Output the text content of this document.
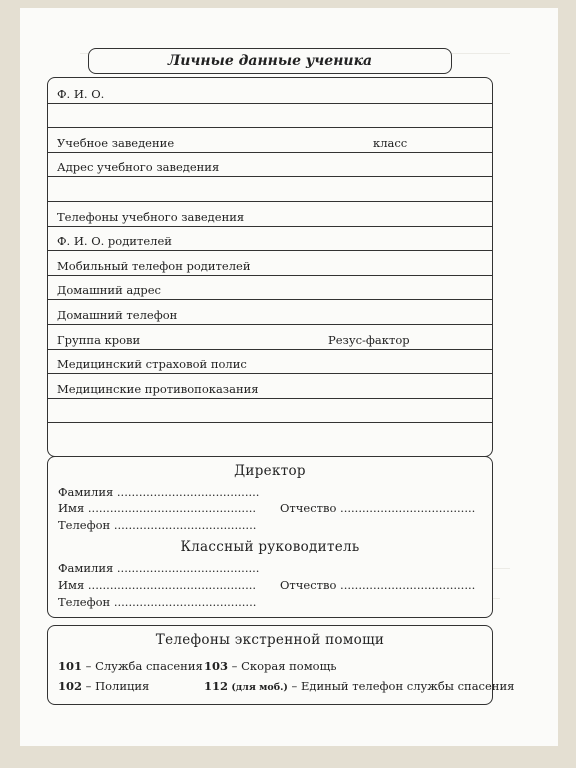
Личные данные ученика
Ф. И. О.
Учебное заведение	класс
Адрес учебного заведения
Телефоны учебного заведения
Ф. И. О. родителей
Мобильный телефон родителей
Домашний адрес
Домашний телефон
Группа крови	Резус-фактор
Медицинский страховой полис
Медицинские противопоказания
Директор
Фамилия .......................................
Имя .............................................. Отчество .....................................
Телефон .......................................
Классный руководитель
Фамилия .......................................
Имя .............................................. Отчество .....................................
Телефон .......................................
Телефоны экстренной помощи
101 – Служба спасения 103 – Скорая помощь
102 – Полиция	112 (для моб.) – Единый телефон службы спасения
